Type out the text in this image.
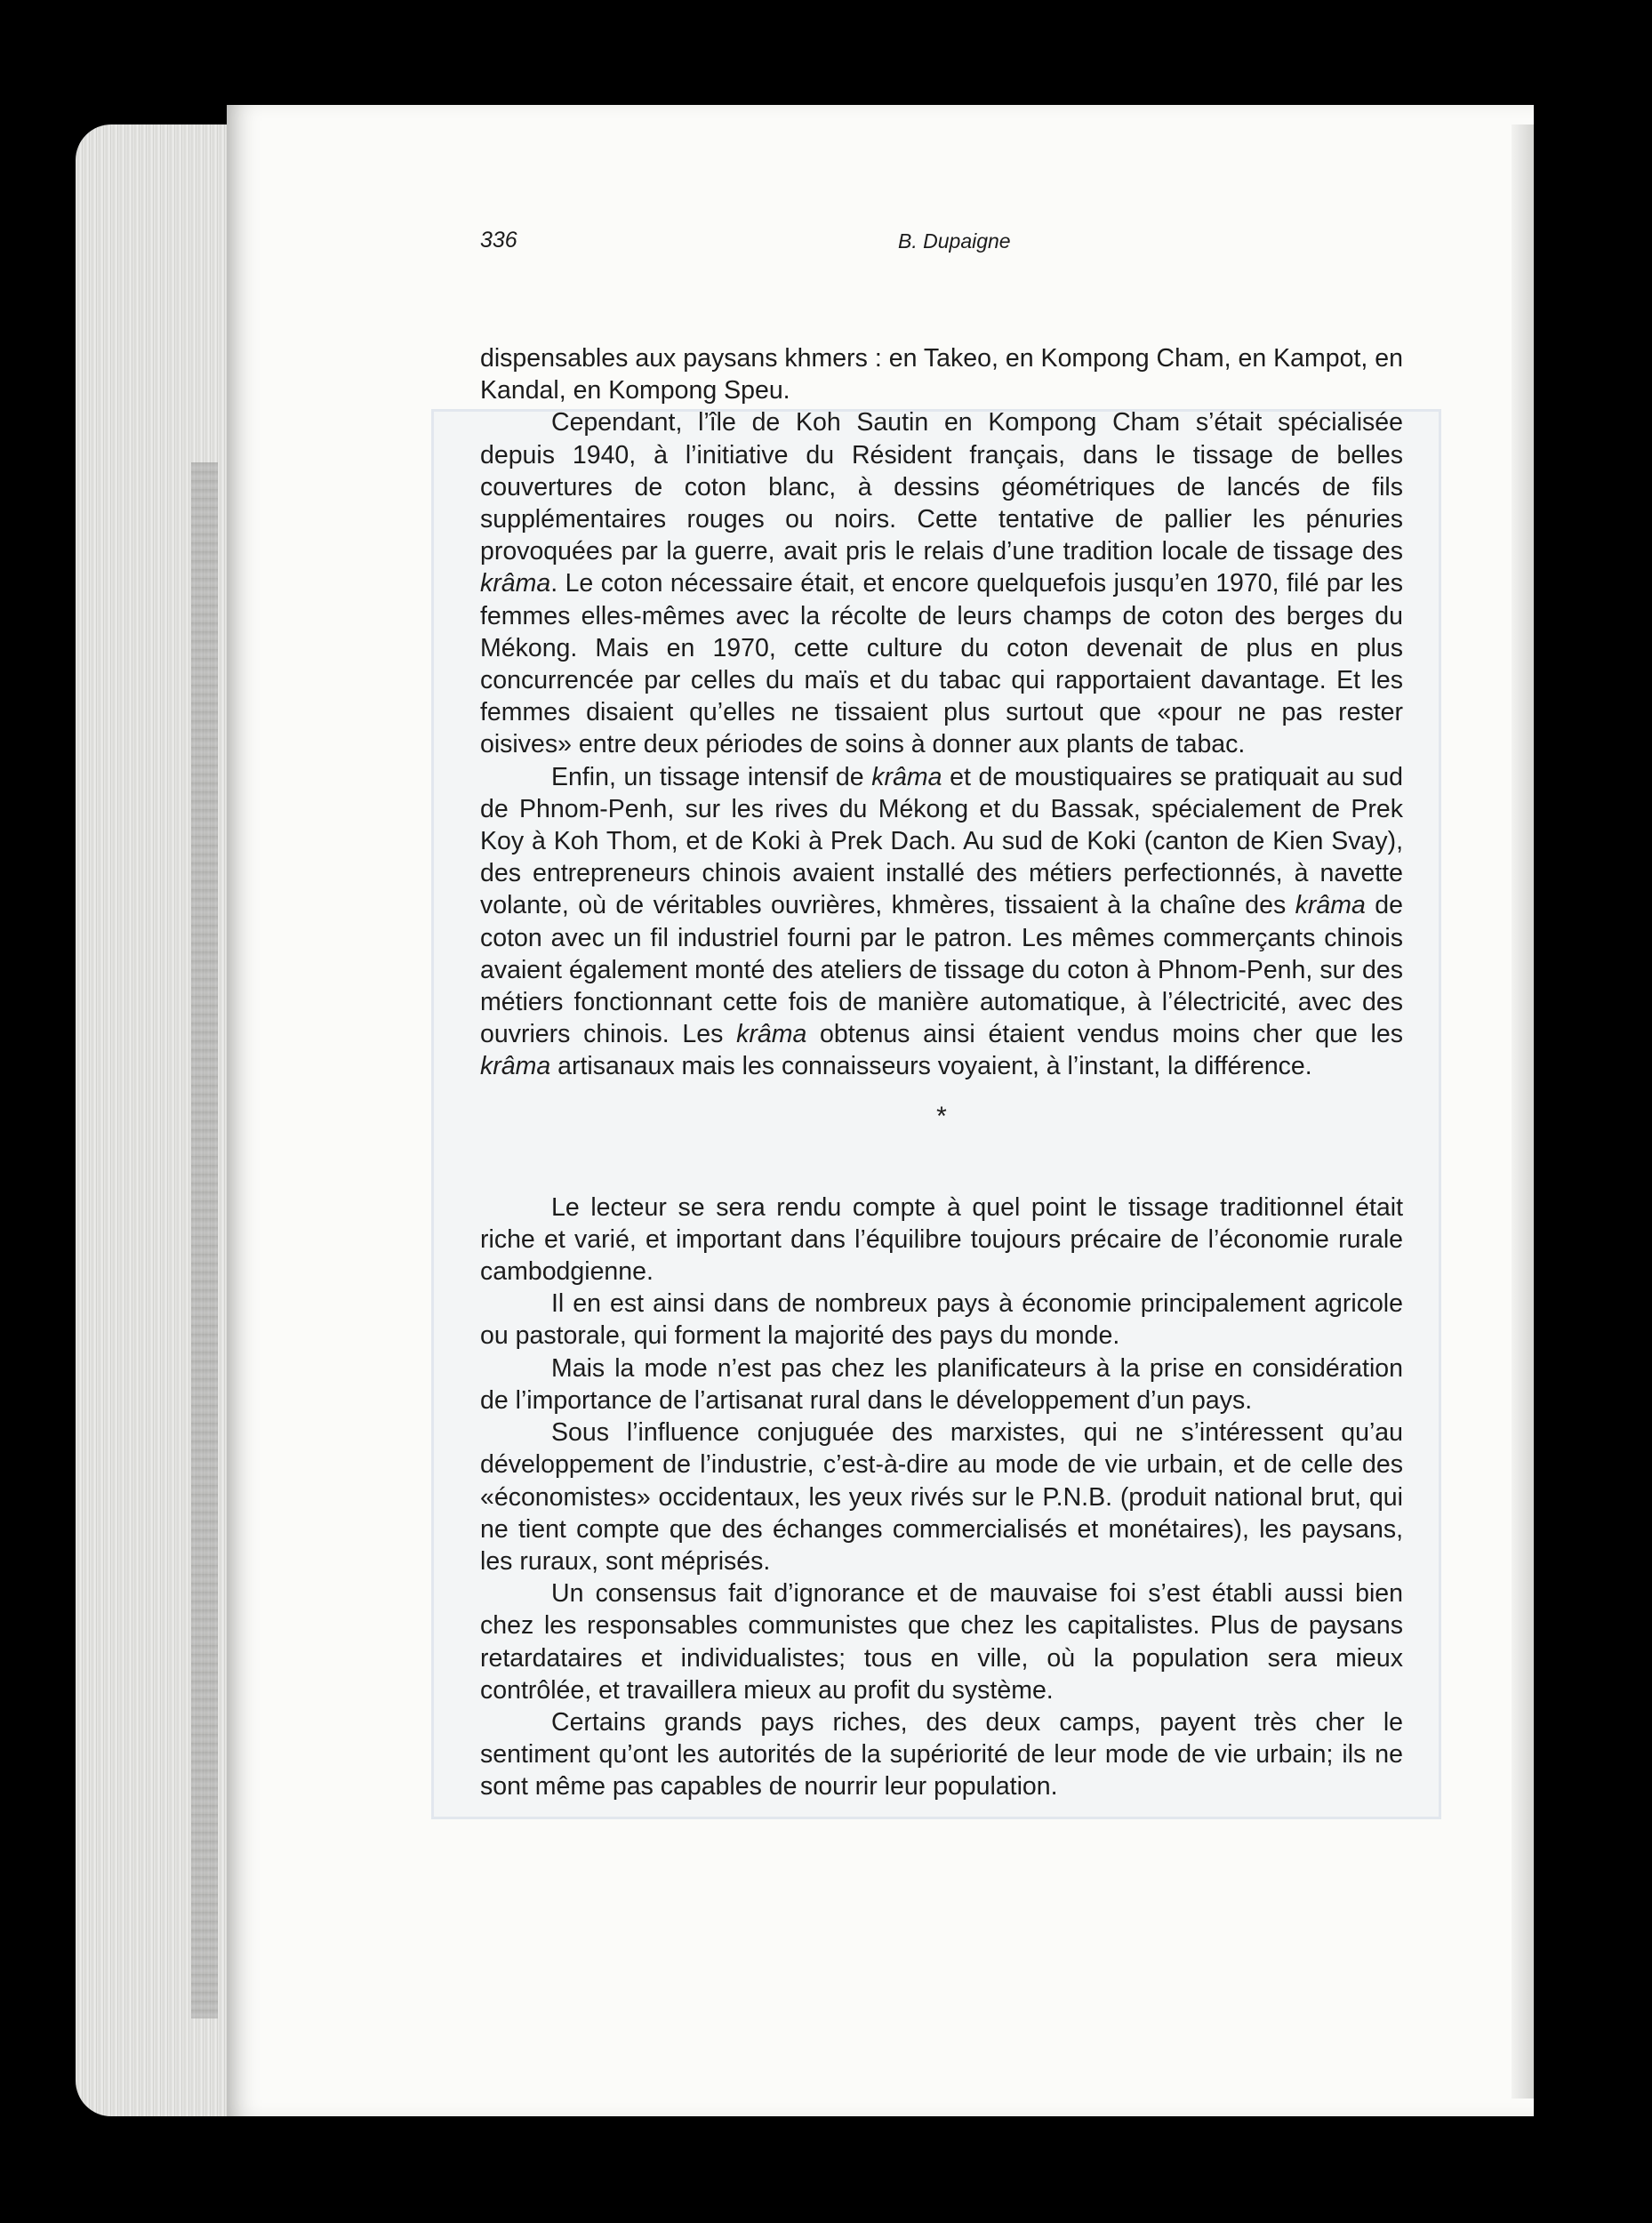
336	B. Dupaigne

dispensables aux paysans khmers : en Takeo, en Kompong Cham, en Kampot, en Kandal, en Kompong Speu.

Cependant, l’île de Koh Sautin en Kompong Cham s’était spécialisée depuis 1940, à l’initiative du Résident français, dans le tissage de belles couvertures de coton blanc, à dessins géométriques de lancés de fils supplémentaires rouges ou noirs. Cette tentative de pallier les pénuries provoquées par la guerre, avait pris le relais d’une tradition locale de tissage des krâma. Le coton nécessaire était, et encore quelquefois jusqu’en 1970, filé par les femmes elles-mêmes avec la récolte de leurs champs de coton des berges du Mékong. Mais en 1970, cette culture du coton devenait de plus en plus concurrencée par celles du maïs et du tabac qui rapportaient davantage. Et les femmes disaient qu’elles ne tissaient plus surtout que «pour ne pas rester oisives» entre deux périodes de soins à donner aux plants de tabac.

Enfin, un tissage intensif de krâma et de moustiquaires se pratiquait au sud de Phnom-Penh, sur les rives du Mékong et du Bassak, spécialement de Prek Koy à Koh Thom, et de Koki à Prek Dach. Au sud de Koki (canton de Kien Svay), des entrepreneurs chinois avaient installé des métiers perfectionnés, à navette volante, où de véritables ouvrières, khmères, tissaient à la chaîne des krâma de coton avec un fil industriel fourni par le patron. Les mêmes commerçants chinois avaient également monté des ateliers de tissage du coton à Phnom-Penh, sur des métiers fonctionnant cette fois de manière automatique, à l’électricité, avec des ouvriers chinois. Les krâma obtenus ainsi étaient vendus moins cher que les krâma artisanaux mais les connaisseurs voyaient, à l’instant, la différence.

*

Le lecteur se sera rendu compte à quel point le tissage traditionnel était riche et varié, et important dans l’équilibre toujours précaire de l’économie rurale cambodgienne.

Il en est ainsi dans de nombreux pays à économie principalement agricole ou pastorale, qui forment la majorité des pays du monde.

Mais la mode n’est pas chez les planificateurs à la prise en considération de l’importance de l’artisanat rural dans le développement d’un pays.

Sous l’influence conjuguée des marxistes, qui ne s’intéressent qu’au développement de l’industrie, c’est-à-dire au mode de vie urbain, et de celle des «économistes» occidentaux, les yeux rivés sur le P.N.B. (produit national brut, qui ne tient compte que des échanges commercialisés et monétaires), les paysans, les ruraux, sont méprisés.

Un consensus fait d’ignorance et de mauvaise foi s’est établi aussi bien chez les responsables communistes que chez les capitalistes. Plus de paysans retardataires et individualistes; tous en ville, où la population sera mieux contrôlée, et travaillera mieux au profit du système.

Certains grands pays riches, des deux camps, payent très cher le sentiment qu’ont les autorités de la supériorité de leur mode de vie urbain; ils ne sont même pas capables de nourrir leur population.
